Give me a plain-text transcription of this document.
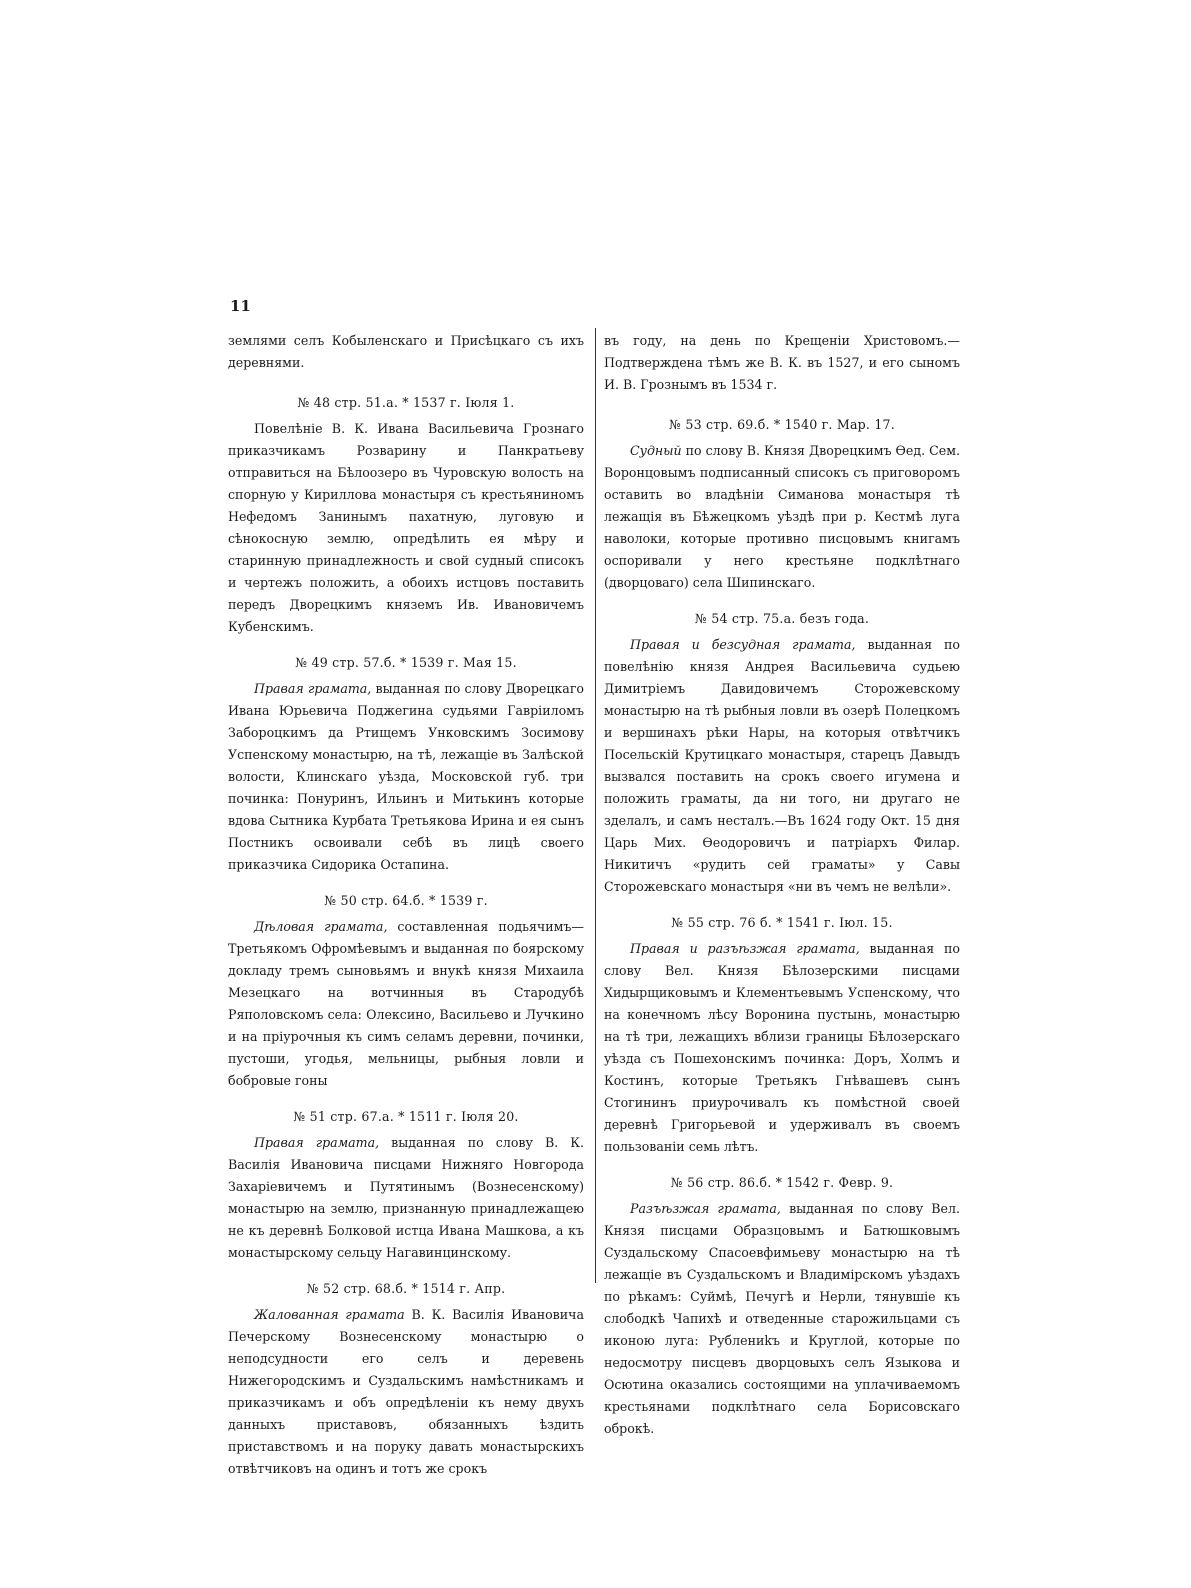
11

землями селъ Кобыленскаго и Присѣцкаго съ ихъ деревнями.

№ 48 стр. 51.а. * 1537 г. Іюля 1.

Повелѣніе В. К. Ивана Васильевича Грознаго приказчикамъ Розварину и Панкратьеву отправиться на Бѣлоозеро въ Чуровскую волость на спорную у Кириллова монастыря съ крестьяниномъ Нефедомъ Занинымъ пахатную, луговую и сѣнокосную землю, опредѣлить ея мѣру и старинную принадлежность и свой судный списокъ и чертежъ положить, а обоихъ истцовъ поставить передъ Дворецкимъ княземъ Ив. Ивановичемъ Кубенскимъ.

№ 49 стр. 57.б. * 1539 г. Мая 15.

Правая грамата, выданная по слову Дворецкаго Ивана Юрьевича Поджегина судьями Гавріиломъ Забороцкимъ да Ртищемъ Унковскимъ Зосимову Успенскому монастырю, на тѣ, лежащіе въ Залѣской волости, Клинскаго уѣзда, Московской губ. три починка: Понуринъ, Ильинъ и Митькинъ которые вдова Сытника Курбата Третьякова Ирина и ея сынъ Постникъ освоивали себѣ въ лицѣ своего приказчика Сидорика Остапина.

№ 50 стр. 64.б. * 1539 г.

Дѣловая грамата, составленная подьячимъ— Третьякомъ Офромѣевымъ и выданная по боярскому докладу тремъ сыновьямъ и внукѣ князя Михаила Мезецкаго на вотчинныя въ Стародубѣ Ряполовскомъ села: Олексино, Васильево и Лучкино и на пріурочныя къ симъ селамъ деревни, починки, пустоши, угодья, мельницы, рыбныя ловли и бобровые гоны

№ 51 стр. 67.а. * 1511 г. Іюля 20.

Правая грамата, выданная по слову В. К. Василія Ивановича писцами Нижняго Новгорода Захаріевичемъ и Путятинымъ (Вознесенскому) монастырю на землю, признанную принадлежащею не къ деревнѣ Болковой истца Ивана Машкова, а къ монастырскому сельцу Нагавинцинскому.

№ 52 стр. 68.б. * 1514 г. Апр.

Жалованная грамата В. К. Василія Ивановича Печерскому Вознесенскому монастырю о неподсудности его селъ и деревень Нижегородскимъ и Суздальскимъ намѣстникамъ и приказчикамъ и объ опредѣленіи къ нему двухъ данныхъ приставовъ, обязанныхъ ѣздить приставствомъ и на поруку давать монастырскихъ отвѣтчиковъ на одинъ и тотъ же срокъ

въ году, на день по Крещеніи Христовомъ.—Подтверждена тѣмъ же В. К. въ 1527, и его сыномъ И. В. Грознымъ въ 1534 г.

№ 53 стр. 69.б. * 1540 г. Мар. 17.

Судный по слову В. Князя Дворецкимъ Ѳед. Сем. Воронцовымъ подписанный списокъ съ приговоромъ оставить во владѣніи Симанова монастыря тѣ лежащія въ Бѣжецкомъ уѣздѣ при р. Кестмѣ луга наволоки, которые противно писцовымъ книгамъ оспоривали у него крестьяне подклѣтнаго (дворцоваго) села Шипинскаго.

№ 54 стр. 75.а. безъ года.

Правая и безсудная грамата, выданная по повелѣнію князя Андрея Васильевича судьею Димитріемъ Давидовичемъ Сторожевскому монастырю на тѣ рыбныя ловли въ озерѣ Полецкомъ и вершинахъ рѣки Нары, на которыя отвѣтчикъ Посельскій Крутицкаго монастыря, старецъ Давыдъ вызвался поставить на срокъ своего игумена и положить граматы, да ни того, ни другаго не зделалъ, и самъ несталъ.—Въ 1624 году Окт. 15 дня Царь Мих. Ѳеодоровичъ и патріархъ Филар. Никитичъ «рудить сей граматы» у Савы Сторожевскаго монастыря «ни въ чемъ не велѣли».

№ 55 стр. 76 б. * 1541 г. Іюл. 15.

Правая и разъѣзжая грамата, выданная по слову Вел. Князя Бѣлозерскими писцами Хидырщиковымъ и Клементьевымъ Успенскому, что на конечномъ лѣсу Воронина пустынь, монастырю на тѣ три, лежащихъ вблизи границы Бѣлозерскаго уѣзда съ Пошехонскимъ починка: Доръ, Холмъ и Костинъ, которые Третьякъ Гнѣвашевъ сынъ Стогининъ приурочивалъ къ помѣстной своей деревнѣ Григорьевой и удерживалъ въ своемъ пользованіи семь лѣтъ.

№ 56 стр. 86.б. * 1542 г. Февр. 9.

Разъѣзжая грамата, выданная по слову Вел. Князя писцами Образцовымъ и Батюшковымъ Суздальскому Спасоевфимьеву монастырю на тѣ лежащіе въ Суздальскомъ и Владимірскомъ уѣздахъ по рѣкамъ: Суймѣ, Печугѣ и Нерли, тянувшіе къ слободкѣ Чапихѣ и отведенные старожильцами съ иконою луга: Рублениkъ и Круглой, которые по недосмотру писцевъ дворцовыхъ селъ Языкова и Осютина оказались состоящими на уплачиваемомъ крестьянами подклѣтнаго села Борисовскаго оброкѣ.
